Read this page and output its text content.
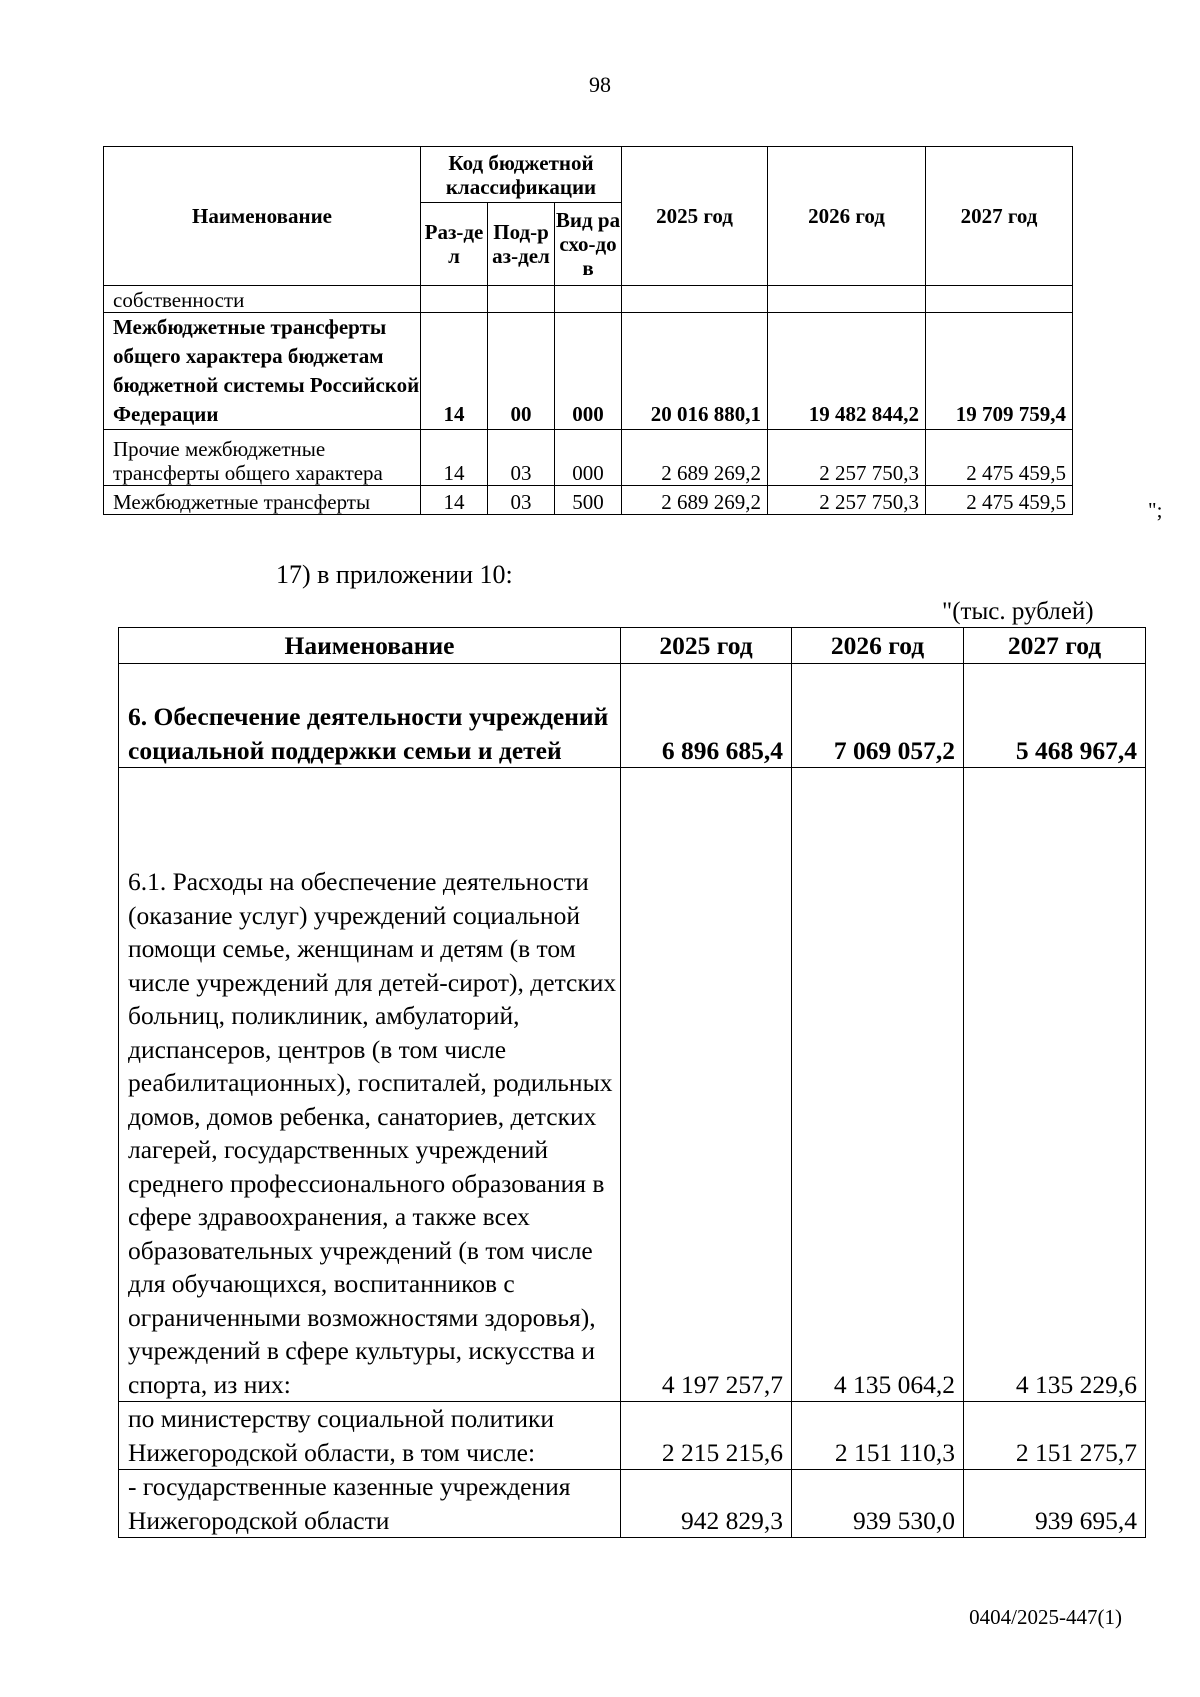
98
Наименование	Код бюджетной классификации			2025 год	2026 год	2027 год
	Раз-дел	Под-раз-дел	Вид расхо-дов			
собственности						
Межбюджетные трансферты общего характера бюджетам бюджетной системы Российской Федерации	14	00	000	20 016 880,1	19 482 844,2	19 709 759,4
Прочие межбюджетные трансферты общего характера	14	03	000	2 689 269,2	2 257 750,3	2 475 459,5
Межбюджетные трансферты	14	03	500	2 689 269,2	2 257 750,3	2 475 459,5	";
17) в приложении 10:
"(тыс. рублей)
Наименование	2025 год	2026 год	2027 год
6. Обеспечение деятельности учреждений социальной поддержки семьи и детей	6 896 685,4	7 069 057,2	5 468 967,4
6.1. Расходы на обеспечение деятельности (оказание услуг) учреждений социальной помощи семье, женщинам и детям (в том числе учреждений для детей-сирот), детских больниц, поликлиник, амбулаторий, диспансеров, центров (в том числе реабилитационных), госпиталей, родильных домов, домов ребенка, санаториев, детских лагерей, государственных учреждений среднего профессионального образования в сфере здравоохранения, а также всех образовательных учреждений (в том числе для обучающихся, воспитанников с ограниченными возможностями здоровья), учреждений в сфере культуры, искусства и спорта, из них:	4 197 257,7	4 135 064,2	4 135 229,6
по министерству социальной политики Нижегородской области, в том числе:	2 215 215,6	2 151 110,3	2 151 275,7
- государственные казенные учреждения Нижегородской области	942 829,3	939 530,0	939 695,4
0404/2025-447(1)
